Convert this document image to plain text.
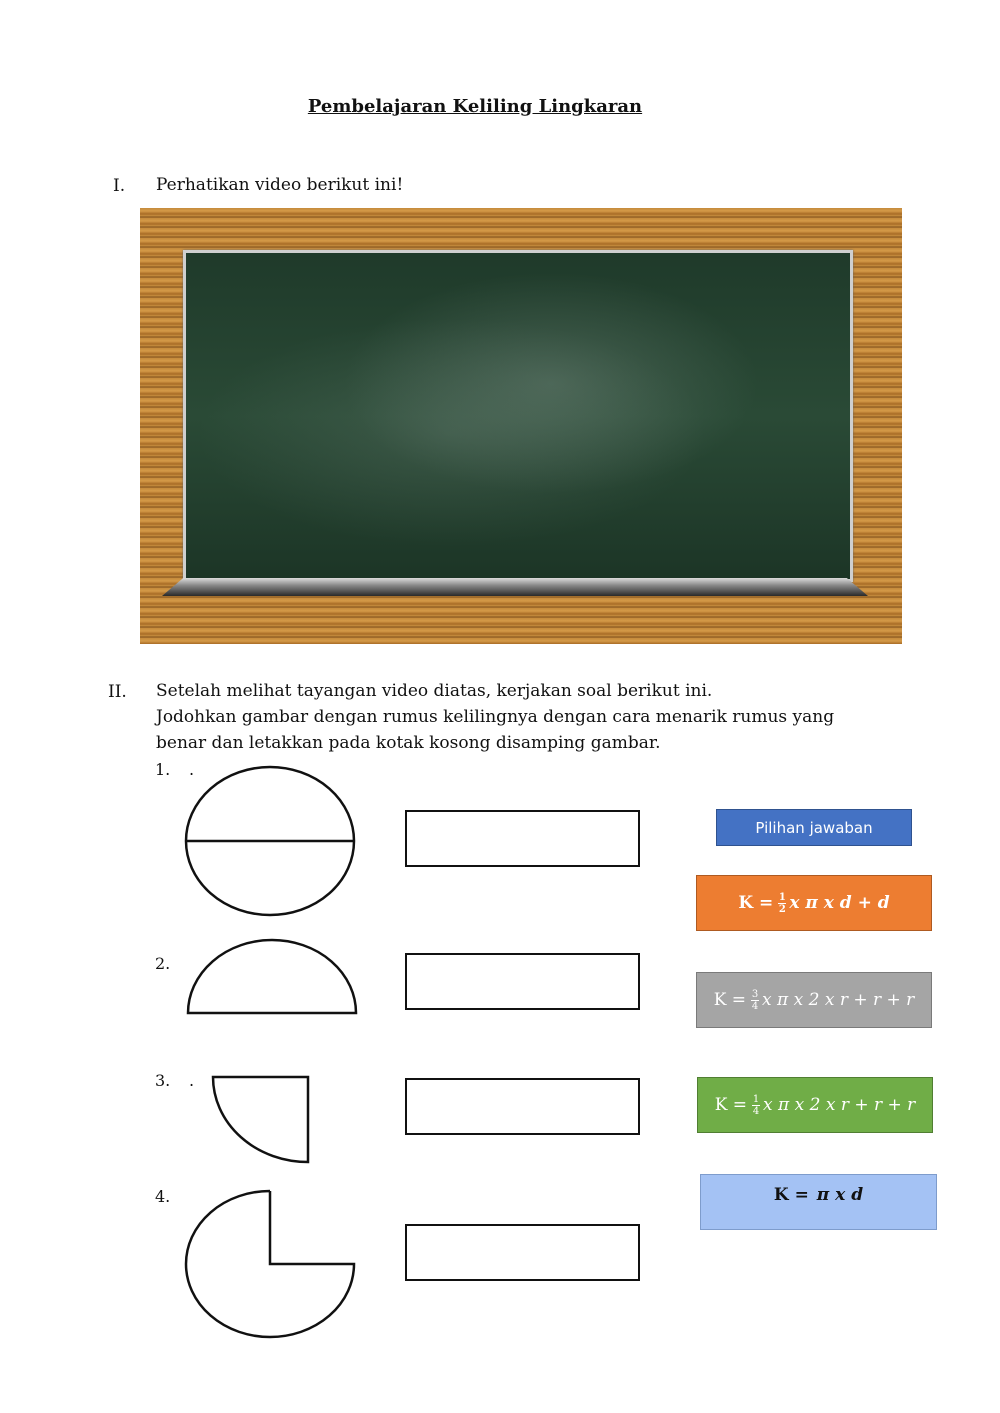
Pembelajaran Keliling Lingkaran
I. Perhatikan video berikut ini!
II. Setelah melihat tayangan video diatas, kerjakan soal berikut ini.
Jodohkan gambar dengan rumus kelilingnya dengan cara menarik rumus yang
benar dan letakkan pada kotak kosong disamping gambar.
1. .
2.
3. .
4.
Pilihan jawaban
$K = \frac{1}{2}$ x π x d + d
$K = \frac{3}{4}$ x π x 2 x r + r + r
$K = \frac{1}{4}$ x π x 2 x r + r + r
K =
π x d
